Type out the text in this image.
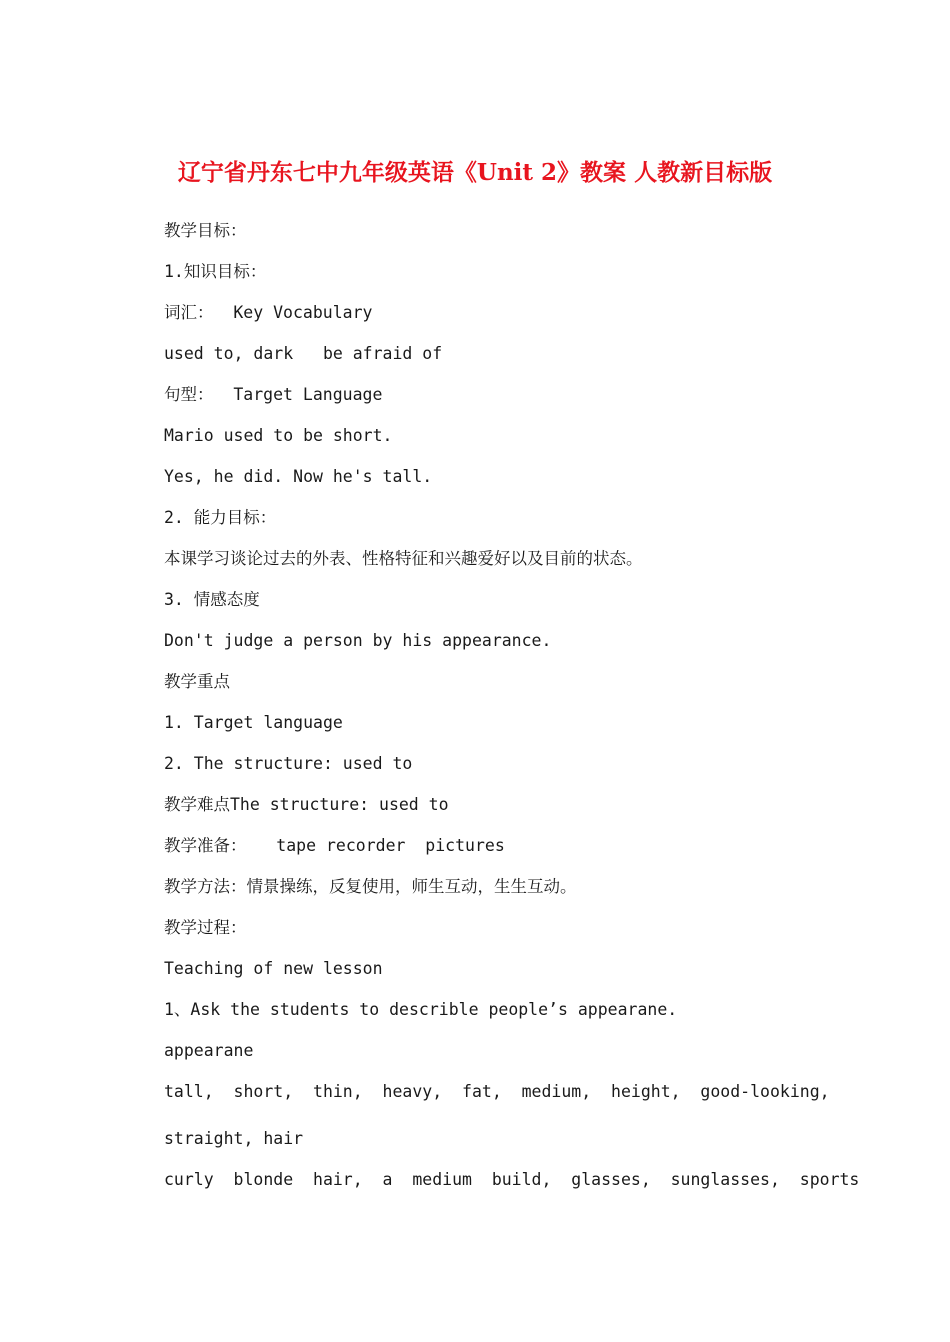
辽宁省丹东七中九年级英语《Unit 2》教案 人教新目标版

教学目标：

1.知识目标：

词汇：  Key Vocabulary

used to, dark   be afraid of

句型：  Target Language

Mario used to be short.

Yes, he did. Now he's tall.

2. 能力目标：

本课学习谈论过去的外表、性格特征和兴趣爱好以及目前的状态。

3. 情感态度

Don't judge a person by his appearance.

教学重点

1. Target language

2. The structure: used to

教学难点The structure: used to

教学准备：   tape recorder  pictures

教学方法：情景操练，反复使用，师生互动，生生互动。

教学过程：

Teaching of new lesson

1、Ask the students to describle people’s appearane.

appearane

tall,  short,  thin,  heavy,  fat,  medium,  height,  good-looking,

straight, hair

curly  blonde  hair,  a  medium  build,  glasses,  sunglasses,  sports
